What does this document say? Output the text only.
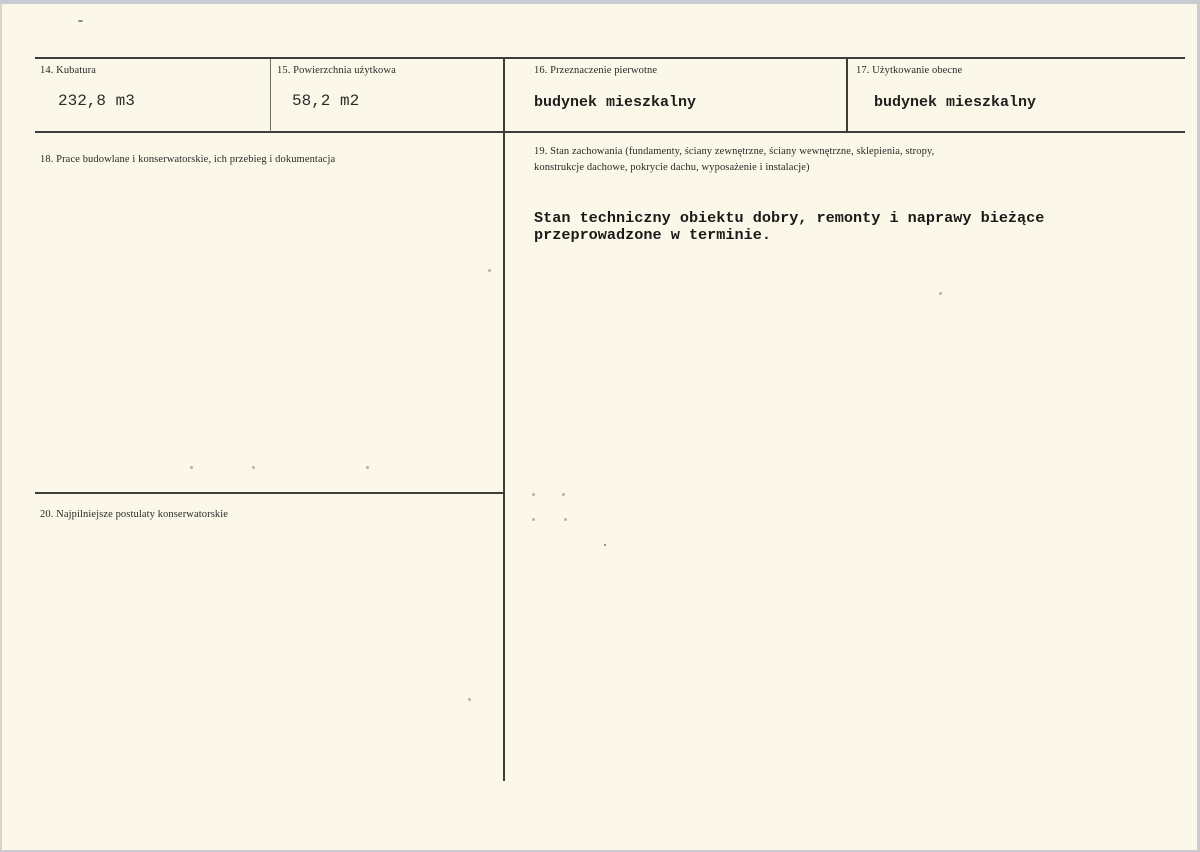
14. Kubatura
232,8 m3
15. Powierzchnia użytkowa
58,2 m2
16. Przeznaczenie pierwotne
budynek mieszkalny
17. Użytkowanie obecne
budynek mieszkalny
18. Prace budowlane i konserwatorskie, ich przebieg i dokumentacja
19. Stan zachowania (fundamenty, ściany zewnętrzne, ściany wewnętrzne, sklepienia, stropy,
konstrukcje dachowe, pokrycie dachu, wyposażenie i instalacje)
Stan techniczny obiektu dobry, remonty i naprawy bieżące
przeprowadzone w terminie.
20. Najpilniejsze postulaty konserwatorskie
